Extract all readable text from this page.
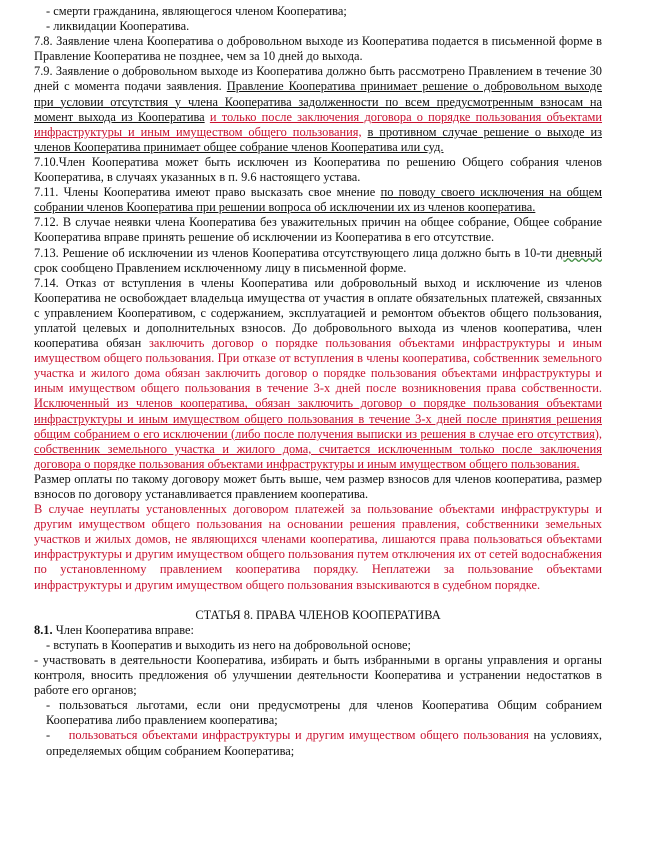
- смерти гражданина, являющегося членом Кооператива;

- ликвидации Кооператива.

7.8. Заявление члена Кооператива о добровольном выходе из Кооператива подается в письменной форме в Правление Кооператива не позднее, чем за 10 дней до выхода.

7.9. Заявление о добровольном выходе из Кооператива должно быть рассмотрено Правлением в течение 30 дней с момента подачи заявления. Правление Кооператива принимает решение о добровольном выходе при условии отсутствия у члена Кооператива задолженности по всем предусмотренным взносам на момент выхода из Кооператива и только после заключения договора о порядке пользования объектами инфраструктуры и иным имуществом общего пользования, в противном случае решение о выходе из членов Кооператива принимает общее собрание членов Кооператива или суд.

7.10.Член Кооператива может быть исключен из Кооператива по решению Общего собрания членов Кооператива, в случаях указанных в п. 9.6 настоящего устава.

7.11. Члены Кооператива имеют право высказать свое мнение по поводу своего исключения на общем собрании членов Кооператива при решении вопроса об исключении их из членов кооператива.

7.12. В случае неявки члена Кооператива без уважительных причин на общее собрание, Общее собрание Кооператива вправе принять решение об исключении из Кооператива в его отсутствие.

7.13. Решение об исключении из членов Кооператива отсутствующего лица должно быть в 10-ти дневный срок сообщено Правлением исключенному лицу в письменной форме.

7.14. Отказ от вступления в члены Кооператива или добровольный выход и исключение из членов Кооператива не освобождает владельца имущества от участия в оплате обязательных платежей, связанных с управлением Кооперативом, с содержанием, эксплуатацией и ремонтом объектов общего пользования, уплатой целевых и дополнительных взносов. До добровольного выхода из членов кооператива, член кооператива обязан заключить договор о порядке пользования объектами инфраструктуры и иным имуществом общего пользования. При отказе от вступления в члены кооператива, собственник земельного участка и жилого дома обязан заключить договор о порядке пользования объектами инфраструктуры и иным имуществом общего пользования в течение 3-х дней после возникновения права собственности. Исключенный из членов кооператива, обязан заключить договор о порядке пользования объектами инфраструктуры и иным имуществом общего пользования в течение 3-х дней после принятия решения общим собранием о его исключении (либо после получения выписки из решения в случае его отсутствия), собственник земельного участка и жилого дома, считается исключенным только после заключения договора о порядке пользования объектами инфраструктуры и иным имуществом общего пользования.

Размер оплаты по такому договору может быть выше, чем размер взносов для членов кооператива, размер взносов по договору устанавливается правлением кооператива.

В случае неуплаты установленных договором платежей за пользование объектами инфраструктуры и другим имуществом общего пользования на основании решения правления, собственники земельных участков и жилых домов, не являющихся членами кооператива, лишаются права пользоваться объектами инфраструктуры и другим имуществом общего пользования путем отключения их от сетей водоснабжения по установленному правлением кооператива порядку. Неплатежи за пользование объектами инфраструктуры и другим имуществом общего пользования взыскиваются в судебном порядке.

СТАТЬЯ 8. ПРАВА ЧЛЕНОВ КООПЕРАТИВА

8.1. Член Кооператива вправе:

- вступать в Кооператив и выходить из него на добровольной основе;

- участвовать в деятельности Кооператива, избирать и быть избранными в органы управления и органы контроля, вносить предложения об улучшении деятельности Кооператива и устранении недостатков в работе его органов;

- пользоваться льготами, если они предусмотрены для членов Кооператива Общим собранием Кооператива либо правлением кооператива;

- пользоваться объектами инфраструктуры и другим имуществом общего пользования на условиях, определяемых общим собранием Кооператива;
